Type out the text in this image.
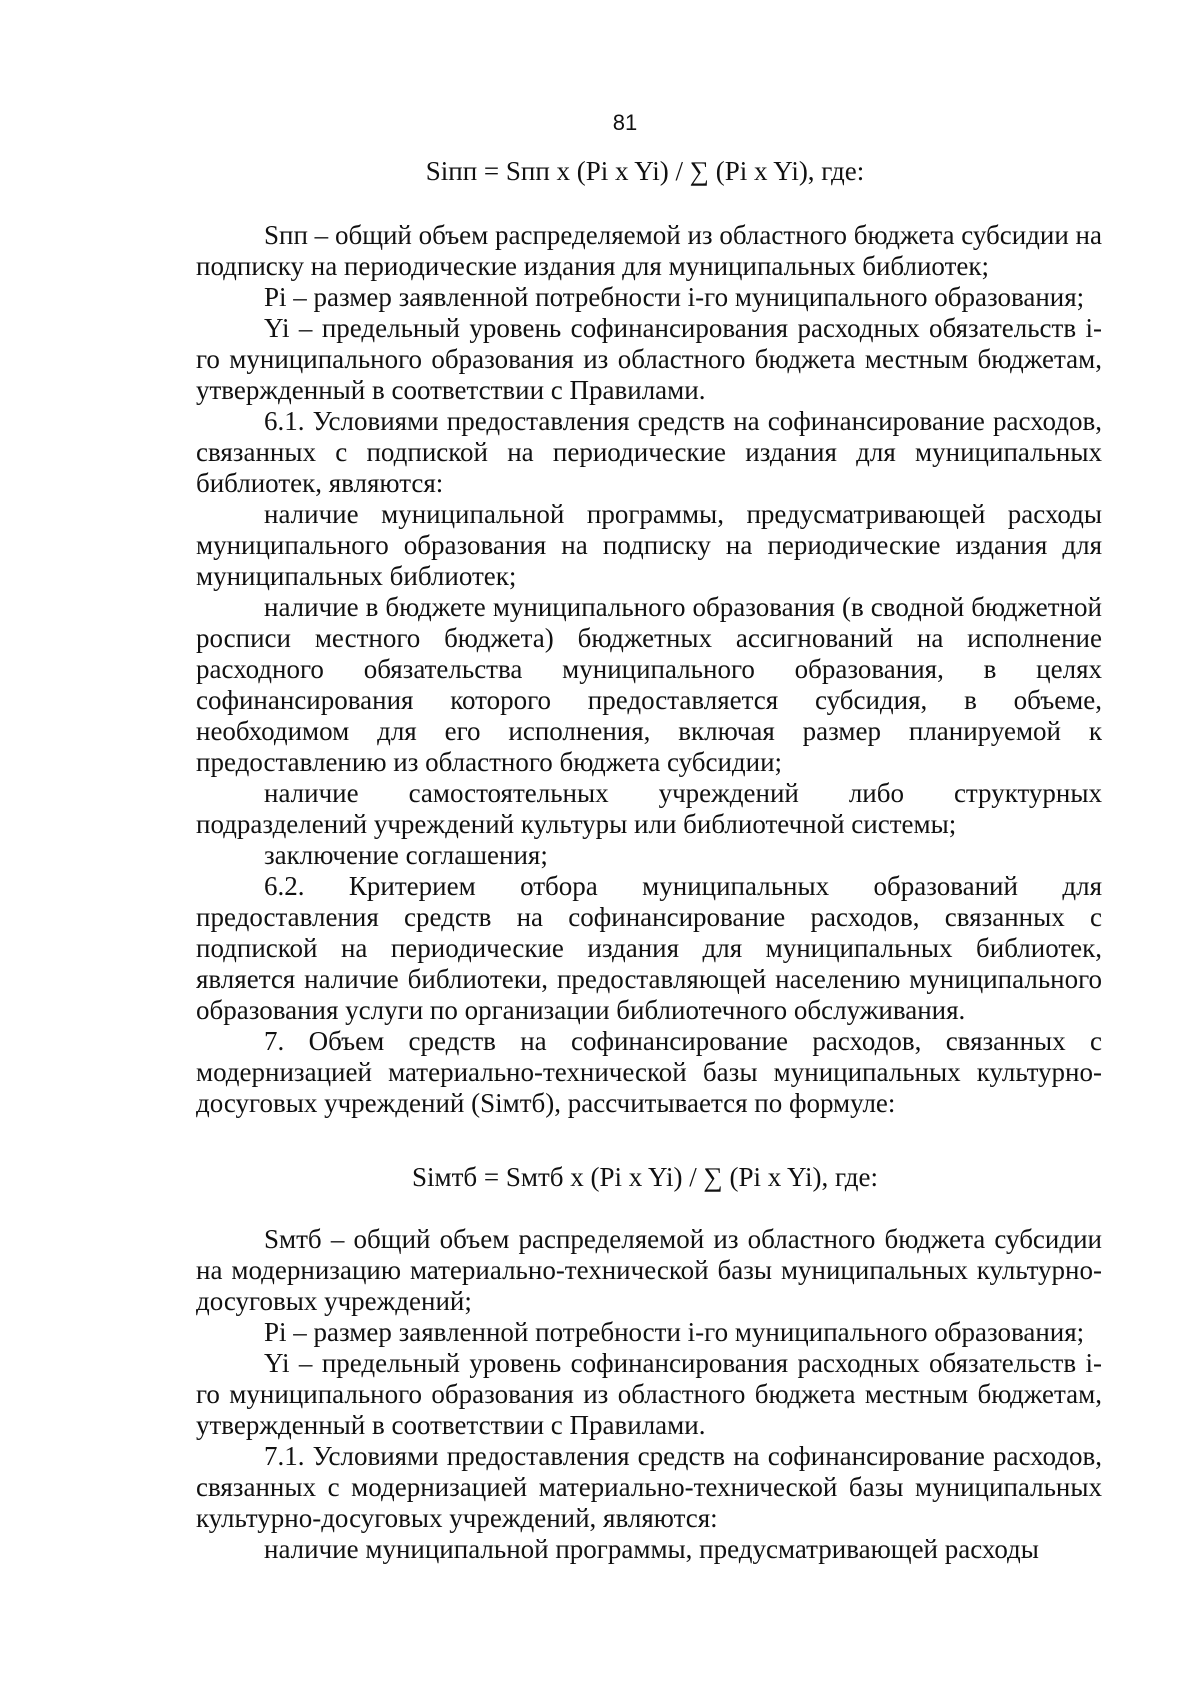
81
Siпп = Sпп x (Pi x Yi) / ∑ (Pi x Yi), где:

Sпп – общий объем распределяемой из областного бюджета субсидии на подписку на периодические издания для муниципальных библиотек;

Pi – размер заявленной потребности i-го муниципального образования;

Yi – предельный уровень софинансирования расходных обязательств i-го муниципального образования из областного бюджета местным бюджетам, утвержденный в соответствии с Правилами.

6.1. Условиями предоставления средств на софинансирование расходов, связанных с подпиской на периодические издания для муниципальных библиотек, являются:

наличие муниципальной программы, предусматривающей расходы муниципального образования на подписку на периодические издания для муниципальных библиотек;

наличие в бюджете муниципального образования (в сводной бюджетной росписи местного бюджета) бюджетных ассигнований на исполнение расходного обязательства муниципального образования, в целях софинансирования которого предоставляется субсидия, в объеме, необходимом для его исполнения, включая размер планируемой к предоставлению из областного бюджета субсидии;

наличие самостоятельных учреждений либо структурных подразделений учреждений культуры или библиотечной системы;

заключение соглашения;

6.2. Критерием отбора муниципальных образований для предоставления средств на софинансирование расходов, связанных с подпиской на периодические издания для муниципальных библиотек, является наличие библиотеки, предоставляющей населению муниципального образования услуги по организации библиотечного обслуживания.

7. Объем средств на софинансирование расходов, связанных с модернизацией материально-технической базы муниципальных культурно-досуговых учреждений (Siмтб), рассчитывается по формуле:

Siмтб = Sмтб x (Pi x Yi) / ∑ (Pi x Yi), где:

Sмтб – общий объем распределяемой из областного бюджета субсидии на модернизацию материально-технической базы муниципальных культурно-досуговых учреждений;

Pi – размер заявленной потребности i-го муниципального образования;

Yi – предельный уровень софинансирования расходных обязательств i-го муниципального образования из областного бюджета местным бюджетам, утвержденный в соответствии с Правилами.

7.1. Условиями предоставления средств на софинансирование расходов, связанных с модернизацией материально-технической базы муниципальных культурно-досуговых учреждений, являются:

наличие муниципальной программы, предусматривающей расходы
